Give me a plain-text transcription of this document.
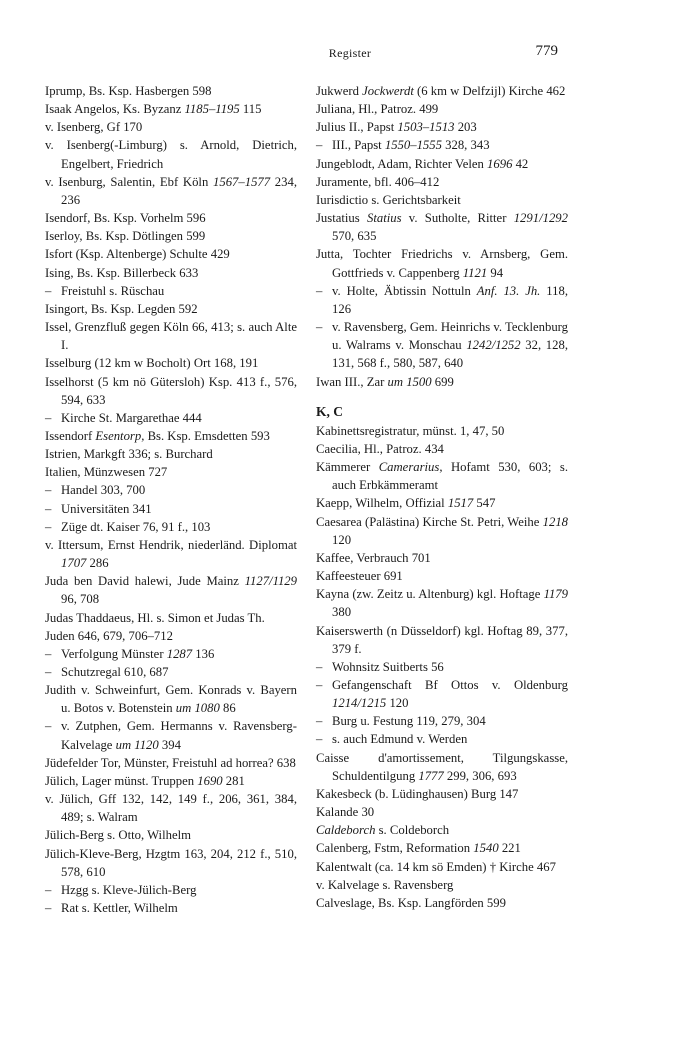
Register	779

Iprump, Bs. Ksp. Hasbergen 598

Isaak Angelos, Ks. Byzanz 1185–1195 115

v. Isenberg, Gf 170

v. Isenberg(-Limburg) s. Arnold, Dietrich, Engelbert, Friedrich

v. Isenburg, Salentin, Ebf Köln 1567–1577 234, 236

Isendorf, Bs. Ksp. Vorhelm 596

Iserloy, Bs. Ksp. Dötlingen 599

Isfort (Ksp. Altenberge) Schulte 429

Ising, Bs. Ksp. Billerbeck 633

– Freistuhl s. Rüschau

Isingort, Bs. Ksp. Legden 592

Issel, Grenzfluß gegen Köln 66, 413; s. auch Alte I.

Isselburg (12 km w Bocholt) Ort 168, 191

Isselhorst (5 km nö Gütersloh) Ksp. 413 f., 576, 594, 633

– Kirche St. Margarethae 444

Issendorf Esentorp, Bs. Ksp. Emsdetten 593

Istrien, Markgft 336; s. Burchard

Italien, Münzwesen 727

– Handel 303, 700

– Universitäten 341

– Züge dt. Kaiser 76, 91 f., 103

v. Ittersum, Ernst Hendrik, niederländ. Diplomat 1707 286

Juda ben David halewi, Jude Mainz 1127/1129 96, 708

Judas Thaddaeus, Hl. s. Simon et Judas Th.

Juden 646, 679, 706–712

– Verfolgung Münster 1287 136

– Schutzregal 610, 687

Judith v. Schweinfurt, Gem. Konrads v. Bayern u. Botos v. Botenstein um 1080 86

– v. Zutphen, Gem. Hermanns v. Ravensberg-Kalvelage um 1120 394

Jüdefelder Tor, Münster, Freistuhl ad horrea? 638

Jülich, Lager münst. Truppen 1690 281

v. Jülich, Gff 132, 142, 149 f., 206, 361, 384, 489; s. Walram

Jülich-Berg s. Otto, Wilhelm

Jülich-Kleve-Berg, Hzgtm 163, 204, 212 f., 510, 578, 610

– Hzgg s. Kleve-Jülich-Berg

– Rat s. Kettler, Wilhelm

Jukwerd Jockwerdt (6 km w Delfzijl) Kirche 462

Juliana, Hl., Patroz. 499

Julius II., Papst 1503–1513 203

– III., Papst 1550–1555 328, 343

Jungeblodt, Adam, Richter Velen 1696 42

Juramente, bfl. 406–412

Iurisdictio s. Gerichtsbarkeit

Justatius Statius v. Sutholte, Ritter 1291/1292 570, 635

Jutta, Tochter Friedrichs v. Arnsberg, Gem. Gottfrieds v. Cappenberg 1121 94

– v. Holte, Äbtissin Nottuln Anf. 13. Jh. 118, 126

– v. Ravensberg, Gem. Heinrichs v. Tecklenburg u. Walrams v. Monschau 1242/1252 32, 128, 131, 568 f., 580, 587, 640

Iwan III., Zar um 1500 699

K, C

Kabinettsregistratur, münst. 1, 47, 50

Caecilia, Hl., Patroz. 434

Kämmerer Camerarius, Hofamt 530, 603; s. auch Erbkämmeramt

Kaepp, Wilhelm, Offizial 1517 547

Caesarea (Palästina) Kirche St. Petri, Weihe 1218 120

Kaffee, Verbrauch 701

Kaffeesteuer 691

Kayna (zw. Zeitz u. Altenburg) kgl. Hoftage 1179 380

Kaiserswerth (n Düsseldorf) kgl. Hoftag 89, 377, 379 f.

– Wohnsitz Suitberts 56

– Gefangenschaft Bf Ottos v. Oldenburg 1214/1215 120

– Burg u. Festung 119, 279, 304

– s. auch Edmund v. Werden

Caisse d'amortissement, Tilgungskasse, Schuldentilgung 1777 299, 306, 693

Kakesbeck (b. Lüdinghausen) Burg 147

Kalande 30

Caldeborch s. Coldeborch

Calenberg, Fstm, Reformation 1540 221

Kalentwalt (ca. 14 km sö Emden) † Kirche 467

v. Kalvelage s. Ravensberg

Calveslage, Bs. Ksp. Langförden 599
